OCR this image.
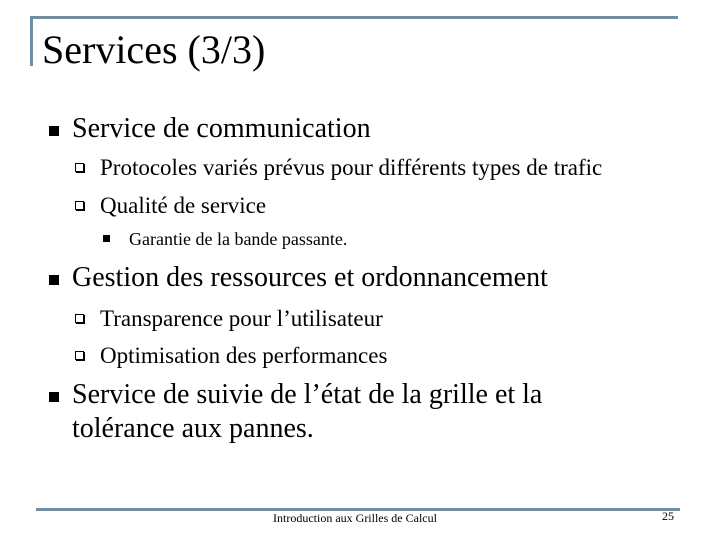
Services (3/3)
Service de communication
Protocoles variés prévus pour différents types de trafic
Qualité de service
Garantie de la bande passante.
Gestion des ressources et ordonnancement
Transparence pour l’utilisateur
Optimisation des performances
Service de suivie de l’état de la grille et la tolérance aux pannes.
Introduction aux Grilles de Calcul	25
